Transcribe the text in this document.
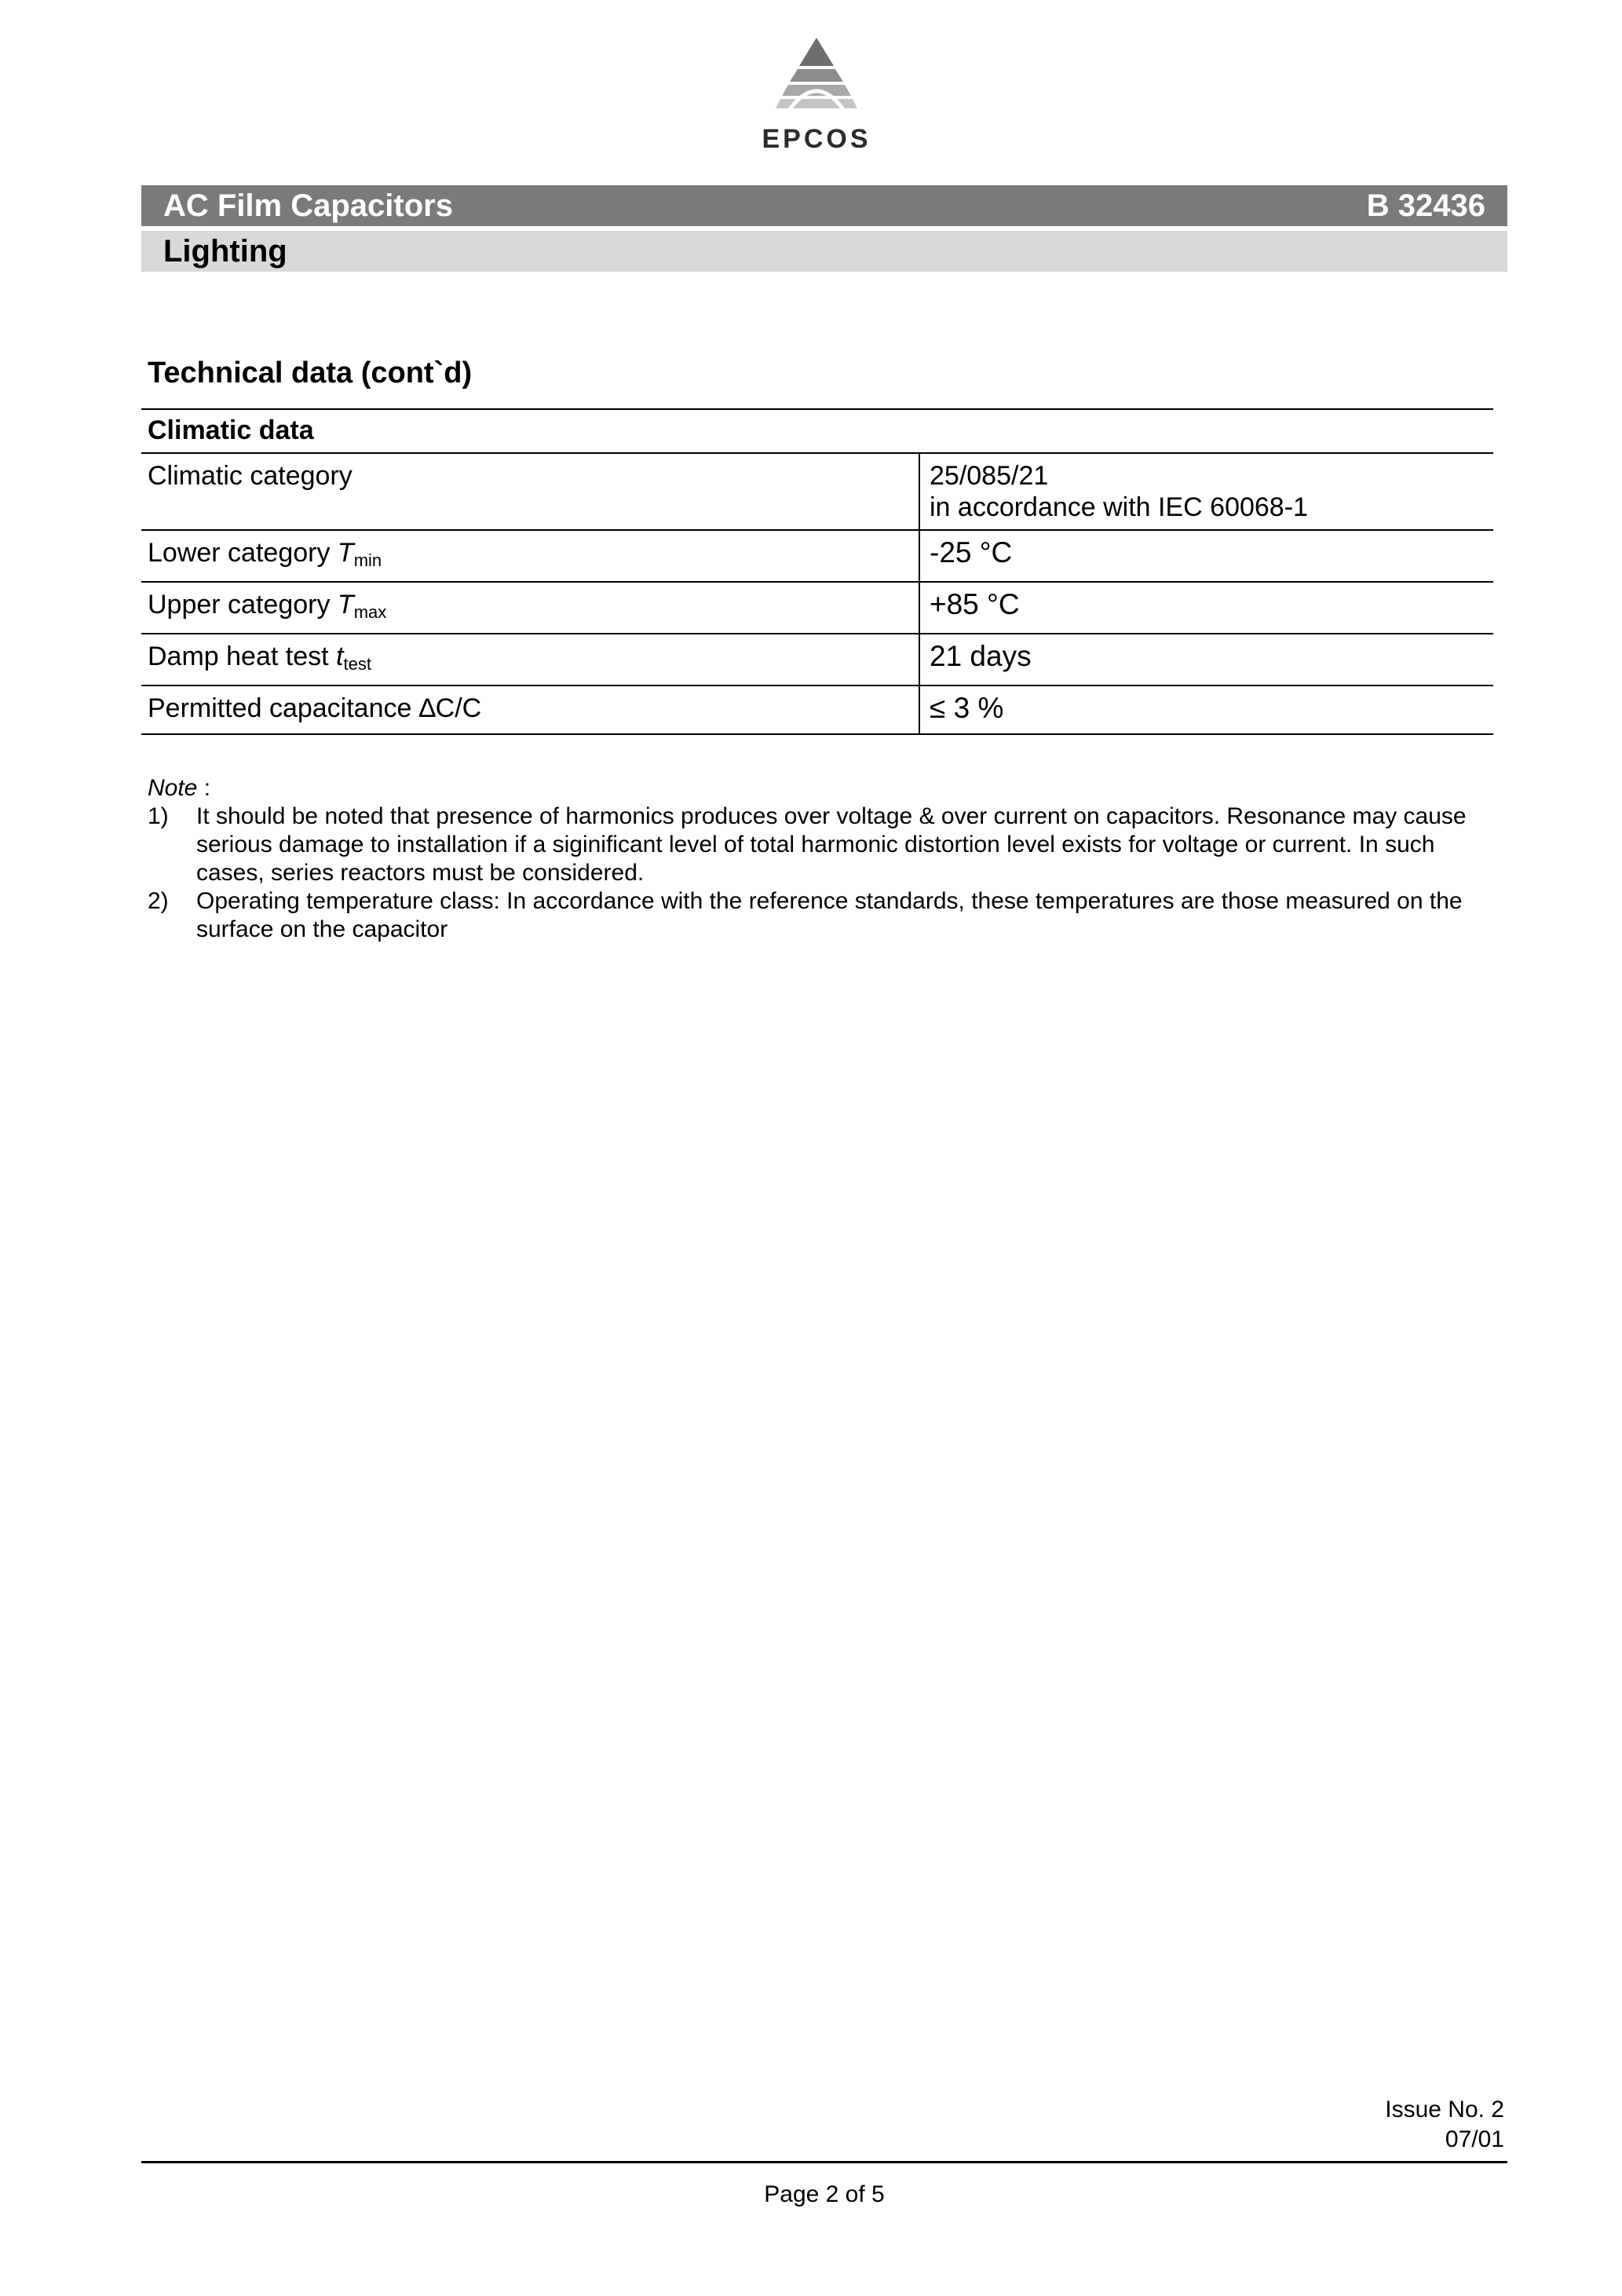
EPCOS
AC Film Capacitors	B 32436
Lighting
Technical data (cont`d)
Climatic data	
Climatic category	25/085/21
in accordance with IEC 60068-1

Lower category $T_{min}$	-25 °C
Upper category $T_{max}$	+85 °C
Damp heat test $t_{test}$	21 days
Permitted capacitance ∆C/C	≤ 3 %
Note :
1) It should be noted that presence of harmonics produces over voltage & over current on capacitors. Resonance may cause serious damage to installation if a siginificant level of total harmonic distortion level exists for voltage or current. In such cases, series reactors must be considered.
2) Operating temperature class: In accordance with the reference standards, these temperatures are those measured on the surface on the capacitor
Issue No. 2
07/01
Page 2 of 5
